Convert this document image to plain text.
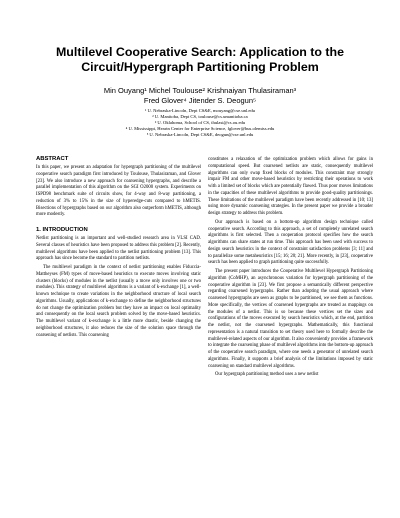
Multilevel Cooperative Search: Application to the
Circuit/Hypergraph Partitioning Problem
Min Ouyang¹ Michel Toulouse² Krishnaiyan Thulasiraman³
Fred Glover⁴ Jitender S. Deogun⁵
¹ U. Nebraska-Lincoln, Dept CS&E, mouyang@cse.unl.edu
² U. Manitoba, Dept CS, toulouse@cs.umanitoba.ca
³ U. Oklahoma, School of CS, thulasi@cs.ou.edu
⁴ U. Mississippi, Hearin Center for Enterprise Science, fglover@bus.olemiss.edu
⁵ U. Nebraska-Lincoln, Dept CS&E, deogun@cse.unl.edu
ABSTRACT

In this paper, we present an adaptation for hypergraph partitioning of the multilevel cooperative search paradigm first introduced by Toulouse, Thulasiraman, and Glover [23]. We also introduce a new approach for coarsening hypergraphs, and describe a parallel implementation of this algorithm on the SGI O2000 system. Experiments on ISPD98 benchmark suite of circuits show, for 4-way and 8-way partitioning, a reduction of 3% to 15% in the size of hyperedge-cuts compared to hMETIS. Bisections of hypergraphs based on our algorithm also outperform hMETIS, although more modestly.

1. INTRODUCTION

Netlist partitioning is an important and well-studied research area in VLSI CAD. Several classes of heuristics have been proposed to address this problem [2]. Recently, multilevel algorithms have been applied to the netlist partitioning problem [13]. This approach has since become the standard to partition netlists.

The multilevel paradigm in the context of netlist partitioning enables Fiduccia-Mattheyses (FM) types of move-based heuristics to execute moves involving static clusters (blocks) of modules in the netlist (usually a move only involves one or two modules). This strategy of multilevel algorithms is a variant of k-exchange [1], a well-known technique to create variations in the neighborhood structure of local search algorithms. Usually, applications of k-exchange to define the neighborhood structures do not change the optimization problem but they have an impact on local optimality and consequently on the local search problem solved by the move-based heuristics. The multilevel variant of k-exchange is a little more drastic, beside changing the neighborhood structures, it also reduces the size of the solution space through the coarsening of netlists. This coarsening

constitutes a relaxation of the optimization problem which allows for gains in computational speed. But coarsened netlists are static, consequently multilevel algorithms can only swap fixed blocks of modules. This constraint may strongly impair FM and other move-based heuristics by restricting their operations to work with a limited set of blocks which are potentially flawed. Thus poor moves limitations in the capacities of these multilevel algorithms to provide good-quality partitionings. These limitations of the multilevel paradigm have been recently addressed in [10; 13] using more dynamic coarsening strategies. In the present paper we provide a broader design strategy to address this problem.

Our approach is based on a bottom-up algorithm design technique called cooperative search. According to this approach, a set of completely unrelated search algorithms is first selected. Then a cooperation protocol specifies how the search algorithms can share states at run time. This approach has been used with success to design search heuristics in the context of constraint satisfaction problems [3; 11] and to parallelize some metaheuristics [15; 16; 20; 21]. More recently, in [23], cooperative search has been applied to graph partitioning quite successfully.

The present paper introduces the Cooperative Multilevel Hypergraph Partitioning algorithm (CoMHP), an asynchronous variation for hypergraph partitioning of the cooperative algorithm in [23]. We first propose a semantically different perspective regarding coarsened hypergraphs. Rather than adopting the usual approach where coarsened hypergraphs are seen as graphs to be partitioned, we see them as functions. More specifically, the vertices of coarsened hypergraphs are treated as mappings on the modules of a netlist. This is so because these vertices set the sizes and configurations of the moves executed by search heuristics which, at the end, partition the netlist, not the coarsened hypergraphs. Mathematically, this functional representation is a natural transition to set theory used here to formally describe the multilevel-related aspects of our algorithm. It also conveniently provides a framework to integrate the coarsening phase of multilevel algorithms into the bottom-up approach of the cooperative search paradigm, where one needs a generator of unrelated search algorithms. Finally, it supports a brief analysis of the limitations imposed by static coarsening on standard multilevel algorithms.

Our hypergraph partitioning method uses a new netlist
